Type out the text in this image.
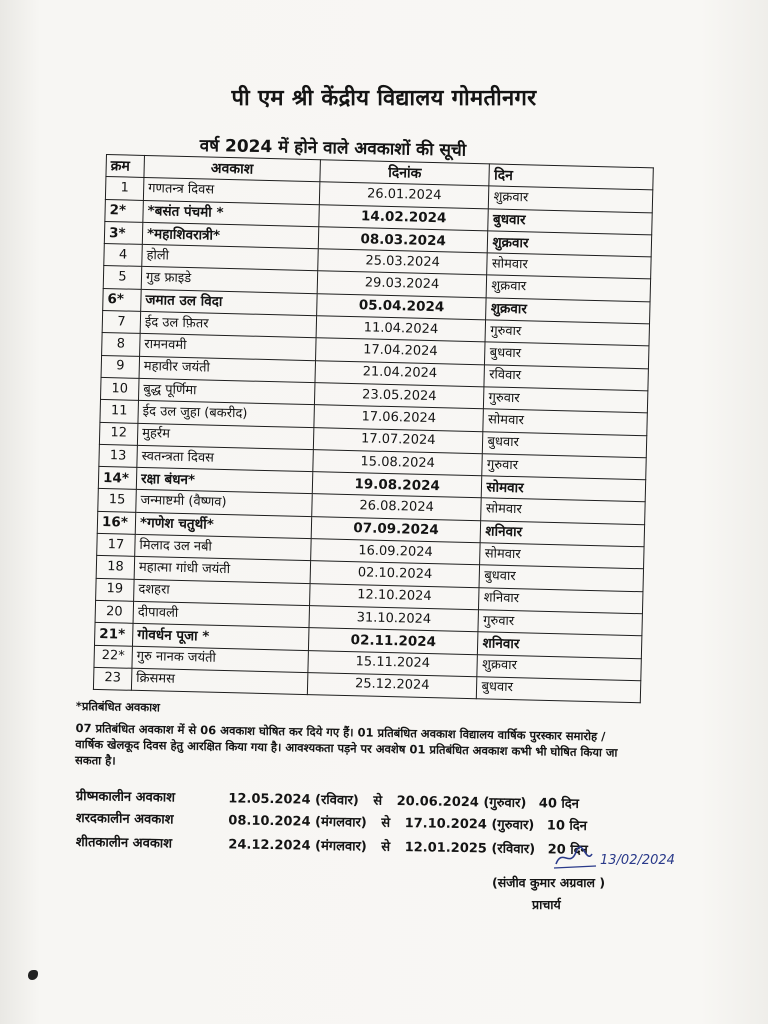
पी एम श्री केंद्रीय विद्यालय गोमतीनगर
वर्ष 2024 में होने वाले अवकाशों की सूची
क्रम	अवकाश	दिनांक	दिन
1	गणतन्त्र दिवस	26.01.2024	शुक्रवार
2*	*बसंत पंचमी *	14.02.2024	बुधवार
3*	*महाशिवरात्री*	08.03.2024	शुक्रवार
4	होली	25.03.2024	सोमवार
5	गुड फ्राइडे	29.03.2024	शुक्रवार
6*	जमात उल विदा	05.04.2024	शुक्रवार
7	ईद उल फ़ितर	11.04.2024	गुरुवार
8	रामनवमी	17.04.2024	बुधवार
9	महावीर जयंती	21.04.2024	रविवार
10	बुद्ध पूर्णिमा	23.05.2024	गुरुवार
11	ईद उल जुहा (बकरीद)	17.06.2024	सोमवार
12	मुहर्रम	17.07.2024	बुधवार
13	स्वतन्त्रता दिवस	15.08.2024	गुरुवार
14*	रक्षा बंधन*	19.08.2024	सोमवार
15	जन्माष्टमी (वैष्णव)	26.08.2024	सोमवार
16*	*गणेश चतुर्थी*	07.09.2024	शनिवार
17	मिलाद उल नबी	16.09.2024	सोमवार
18	महात्मा गांधी जयंती	02.10.2024	बुधवार
19	दशहरा	12.10.2024	शनिवार
20	दीपावली	31.10.2024	गुरुवार
21*	गोवर्धन पूजा *	02.11.2024	शनिवार
22*	गुरु नानक जयंती	15.11.2024	शुक्रवार
23	क्रिसमस	25.12.2024	बुधवार
*प्रतिबंधित अवकाश
07 प्रतिबंधित अवकाश में से 06 अवकाश घोषित कर दिये गए हैं। 01 प्रतिबंधित अवकाश विद्यालय वार्षिक पुरस्कार समारोह / वार्षिक खेलकूद दिवस हेतु आरक्षित किया गया है। आवश्यकता पड़ने पर अवशेष 01 प्रतिबंधित अवकाश कभी भी घोषित किया जा सकता है।
ग्रीष्मकालीन अवकाश	12.05.2024 (रविवार) से 20.06.2024 (गुरुवार) 40 दिन
शरदकालीन अवकाश	08.10.2024 (मंगलवार) से 17.10.2024 (गुरुवार) 10 दिन
शीतकालीन अवकाश	24.12.2024 (मंगलवार) से 12.01.2025 (रविवार) 20 दिन
13/02/2024
(संजीव कुमार अग्रवाल )
प्राचार्य
